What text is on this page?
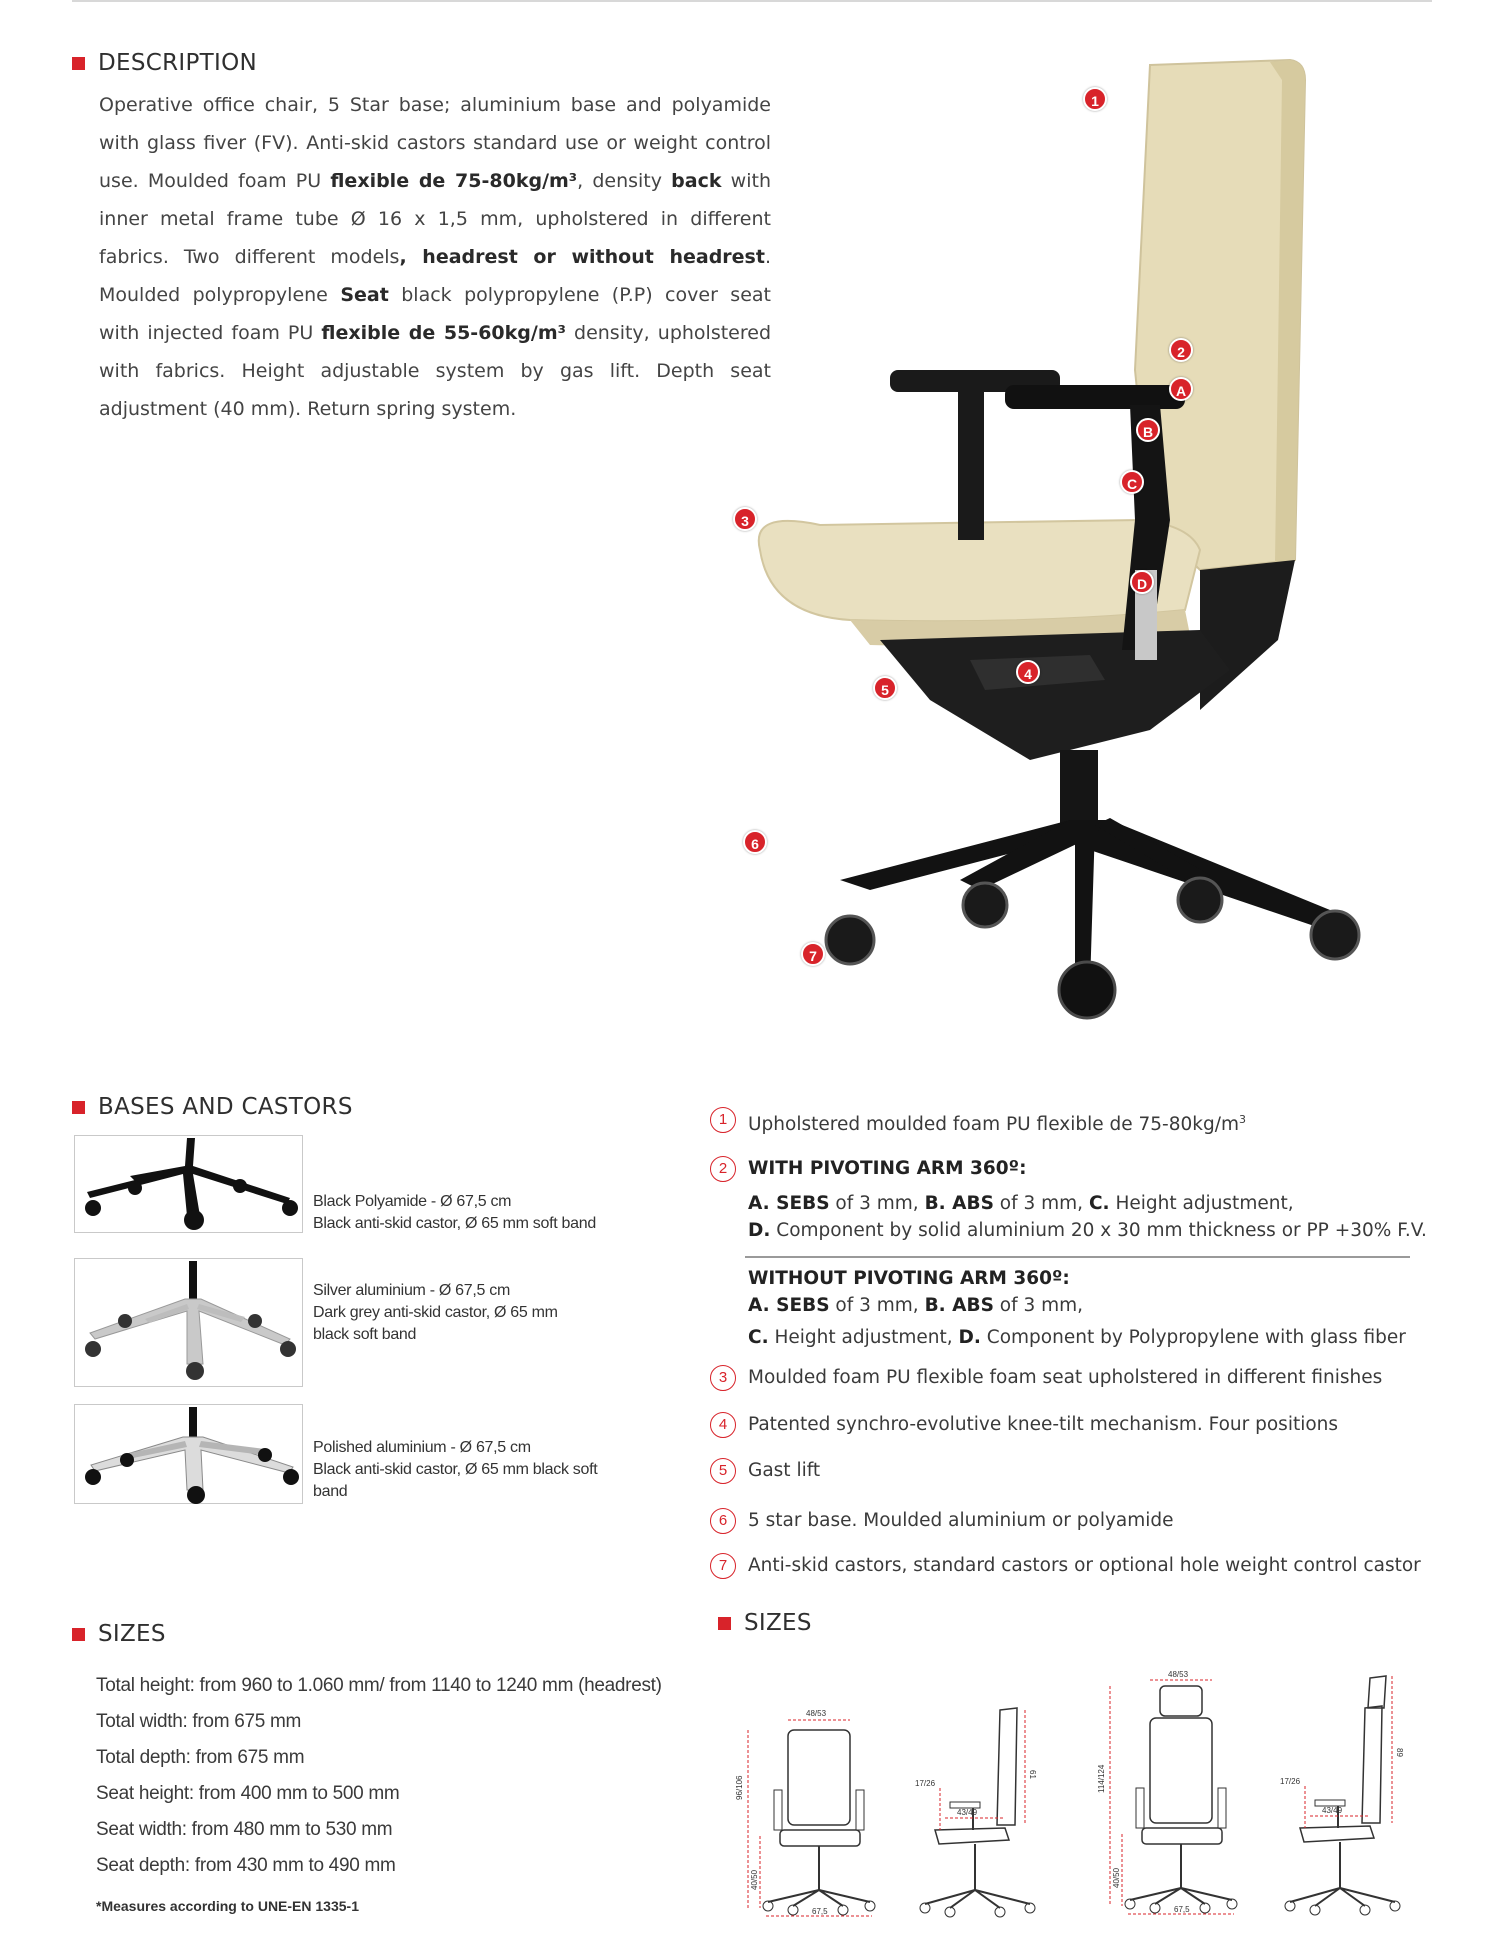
DESCRIPTION
Operative office chair, 5 Star base; aluminium base and polyamide with glass fiver (FV). Anti-skid castors standard use or weight control use. Moulded foam PU flexible de 75-80kg/m³, density back with inner metal frame tube Ø 16 x 1,5 mm, upholstered in different fabrics. Two different models, headrest or without headrest. Moulded polypropylene Seat black polypropylene (P.P) cover seat with injected foam PU flexible de 55-60kg/m³ density, upholstered with fabrics. Height adjustable system by gas lift. Depth seat adjustment (40 mm). Return spring system.
1
2
A
B
C
D
3
4
5
6
7
BASES AND CASTORS
Black Polyamide - Ø 67,5 cm
Black anti-skid castor, Ø 65 mm soft band
Silver aluminium - Ø 67,5 cm
Dark grey anti-skid castor, Ø 65 mm
black soft band
Polished aluminium - Ø 67,5 cm
Black anti-skid castor, Ø 65 mm black soft
band
1	Upholstered moulded foam PU flexible de $75-80kg/m^3$
2	WITH PIVOTING ARM 360º:
A. SEBS of 3 mm, B. ABS of 3 mm, C. Height adjustment,
D. Component by solid aluminium 20 x 30 mm thickness or PP +30% F.V.
WITHOUT PIVOTING ARM 360º:
A. SEBS of 3 mm, B. ABS of 3 mm,
C. Height adjustment, D. Component by Polypropylene with glass fiber
3	Moulded foam PU flexible foam seat upholstered in different finishes
4	Patented synchro-evolutive knee-tilt mechanism. Four positions
5	Gast lift
6	5 star base. Moulded aluminium or polyamide
7	Anti-skid castors, standard castors or optional hole weight control castor
SIZES
Total height: from 960 to 1.060 mm/ from 1140 to 1240 mm (headrest)
Total width: from 675 mm
Total depth: from 675 mm
Seat height: from 400 mm to 500 mm
Seat width: from 480 mm to 530 mm
Seat depth: from 430 mm to 490 mm
*Measures according to UNE-EN 1335-1
SIZES
48/53
96/106
40/50
67,5
17/26
43/49
61
48/53
114/124
40/50
67,5
17/26
43/49
89
